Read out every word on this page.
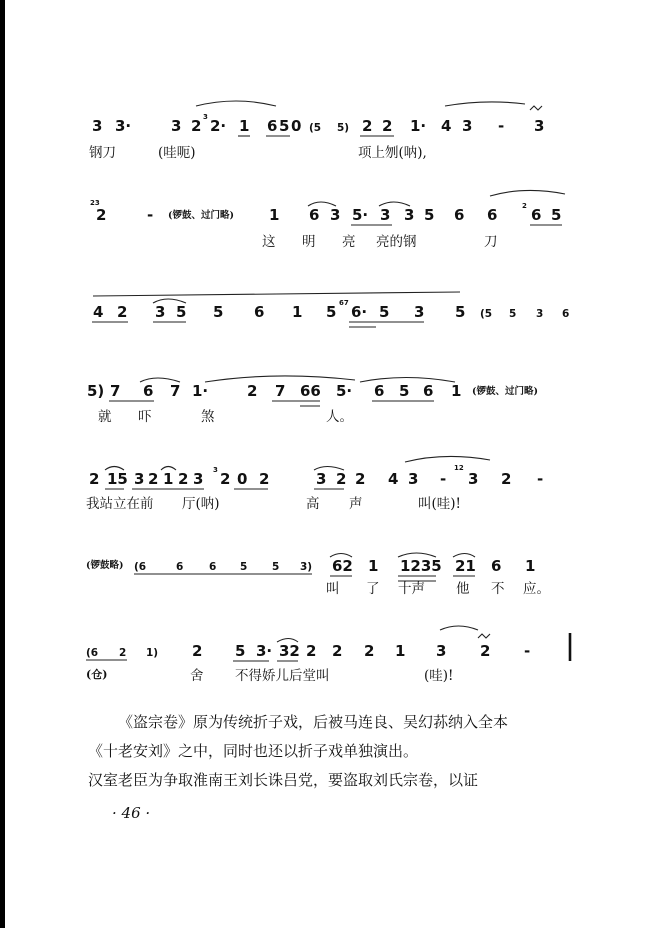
3 3·	3 2 3 2· 1 6 5 0 (5 5) 2 2 1· 4 3 - 3
钢刀	(哇呃)	项上刎(呐),
23
2	- (锣鼓、过门略) 1 6 3 5· 3 3 5 6 6	2 6 5
这 明 亮 亮的钢	刀
4 2 3 5 5 6 1 5 67 6· 5 3 5 (5 5 3 6
5) 7 6 7 1·	2 7 66 5· 6 5 6 1 (锣鼓、过门略)
就 吓	煞	人。
2 15 3 2 1 2 3 3 2 0 2	3 2 2 4 3 -
12
3 2 -
我站立在前 厅(呐)	高 声	叫(哇)!
(锣鼓略) (6	6 6 5 5 3) 62 1 1235 21 6 1
叫 了 十声 他 不 应。
(6 2 1) 2 5 3· 32 2 2 2 1 3 2 -
(仓)	舍 不得娇儿后堂叫	(哇)!

《盗宗卷》原为传统折子戏，后被马连良、吴幻荪纳入全本
《十老安刘》之中，同时也还以折子戏单独演出。

汉室老臣为争取淮南王刘长诛吕党，要盗取刘氏宗卷，以证

· 46 ·
